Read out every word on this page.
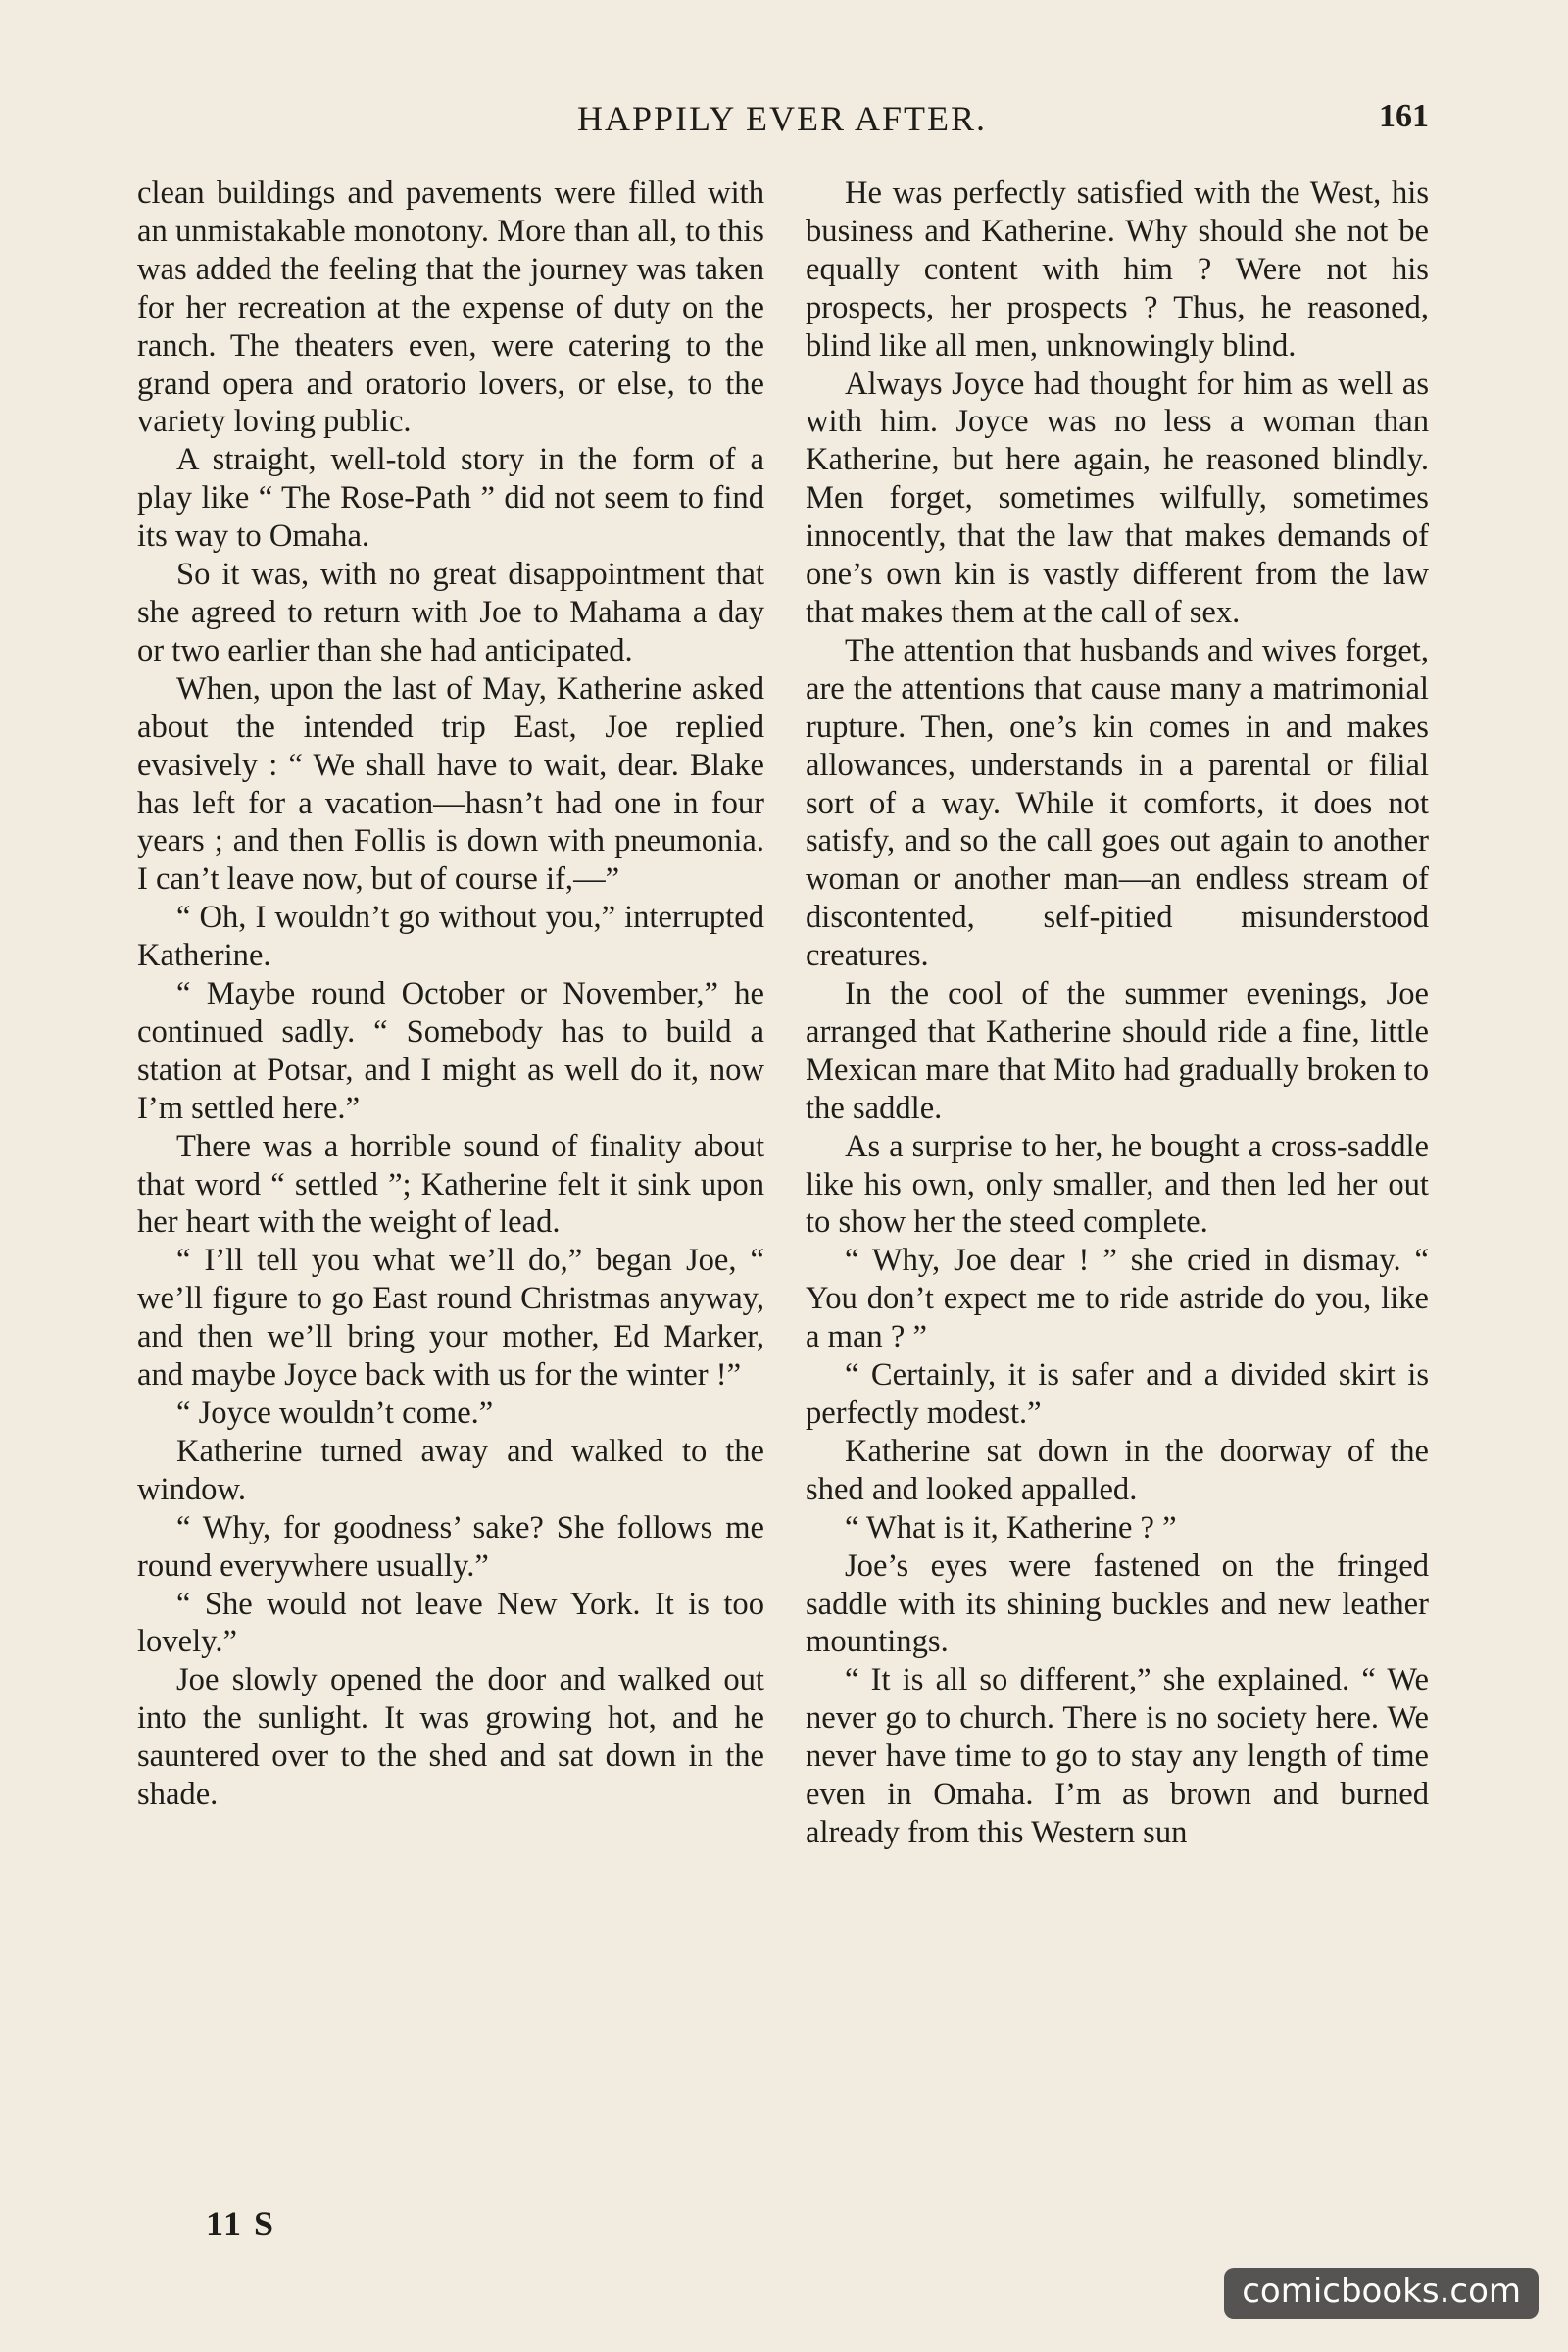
HAPPILY EVER AFTER.	161

clean buildings and pavements were filled with an unmistakable monotony. More than all, to this was added the feeling that the journey was taken for her recreation at the expense of duty on the ranch. The theaters even, were catering to the grand opera and oratorio lovers, or else, to the variety loving public.

A straight, well-told story in the form of a play like “ The Rose-Path ” did not seem to find its way to Omaha.

So it was, with no great disappointment that she agreed to return with Joe to Mahama a day or two earlier than she had anticipated.

When, upon the last of May, Katherine asked about the intended trip East, Joe replied evasively : “ We shall have to wait, dear. Blake has left for a vacation—hasn’t had one in four years ; and then Follis is down with pneumonia. I can’t leave now, but of course if,—”

“ Oh, I wouldn’t go without you,” interrupted Katherine.

“ Maybe round October or November,” he continued sadly. “ Somebody has to build a station at Potsar, and I might as well do it, now I’m settled here.”

There was a horrible sound of finality about that word “ settled ”; Katherine felt it sink upon her heart with the weight of lead.

“ I’ll tell you what we’ll do,” began Joe, “ we’ll figure to go East round Christmas anyway, and then we’ll bring your mother, Ed Marker, and maybe Joyce back with us for the winter !”

“ Joyce wouldn’t come.”

Katherine turned away and walked to the window.

“ Why, for goodness’ sake? She follows me round everywhere usually.”

“ She would not leave New York. It is too lovely.”

Joe slowly opened the door and walked out into the sunlight. It was growing hot, and he sauntered over to the shed and sat down in the shade.

He was perfectly satisfied with the West, his business and Katherine. Why should she not be equally content with him ? Were not his prospects, her prospects ? Thus, he reasoned, blind like all men, unknowingly blind.

Always Joyce had thought for him as well as with him. Joyce was no less a woman than Katherine, but here again, he reasoned blindly. Men forget, sometimes wilfully, sometimes innocently, that the law that makes demands of one’s own kin is vastly different from the law that makes them at the call of sex.

The attention that husbands and wives forget, are the attentions that cause many a matrimonial rupture. Then, one’s kin comes in and makes allowances, understands in a parental or filial sort of a way. While it comforts, it does not satisfy, and so the call goes out again to another woman or another man—an endless stream of discontented, self-pitied misunderstood creatures.

In the cool of the summer evenings, Joe arranged that Katherine should ride a fine, little Mexican mare that Mito had gradually broken to the saddle.

As a surprise to her, he bought a cross-saddle like his own, only smaller, and then led her out to show her the steed complete.

“ Why, Joe dear ! ” she cried in dismay. “ You don’t expect me to ride astride do you, like a man ? ”

“ Certainly, it is safer and a divided skirt is perfectly modest.”

Katherine sat down in the doorway of the shed and looked appalled.

“ What is it, Katherine ? ”

Joe’s eyes were fastened on the fringed saddle with its shining buckles and new leather mountings.

“ It is all so different,” she explained. “ We never go to church. There is no society here. We never have time to go to stay any length of time even in Omaha. I’m as brown and burned already from this Western sun

11 S
comicbooks.com
